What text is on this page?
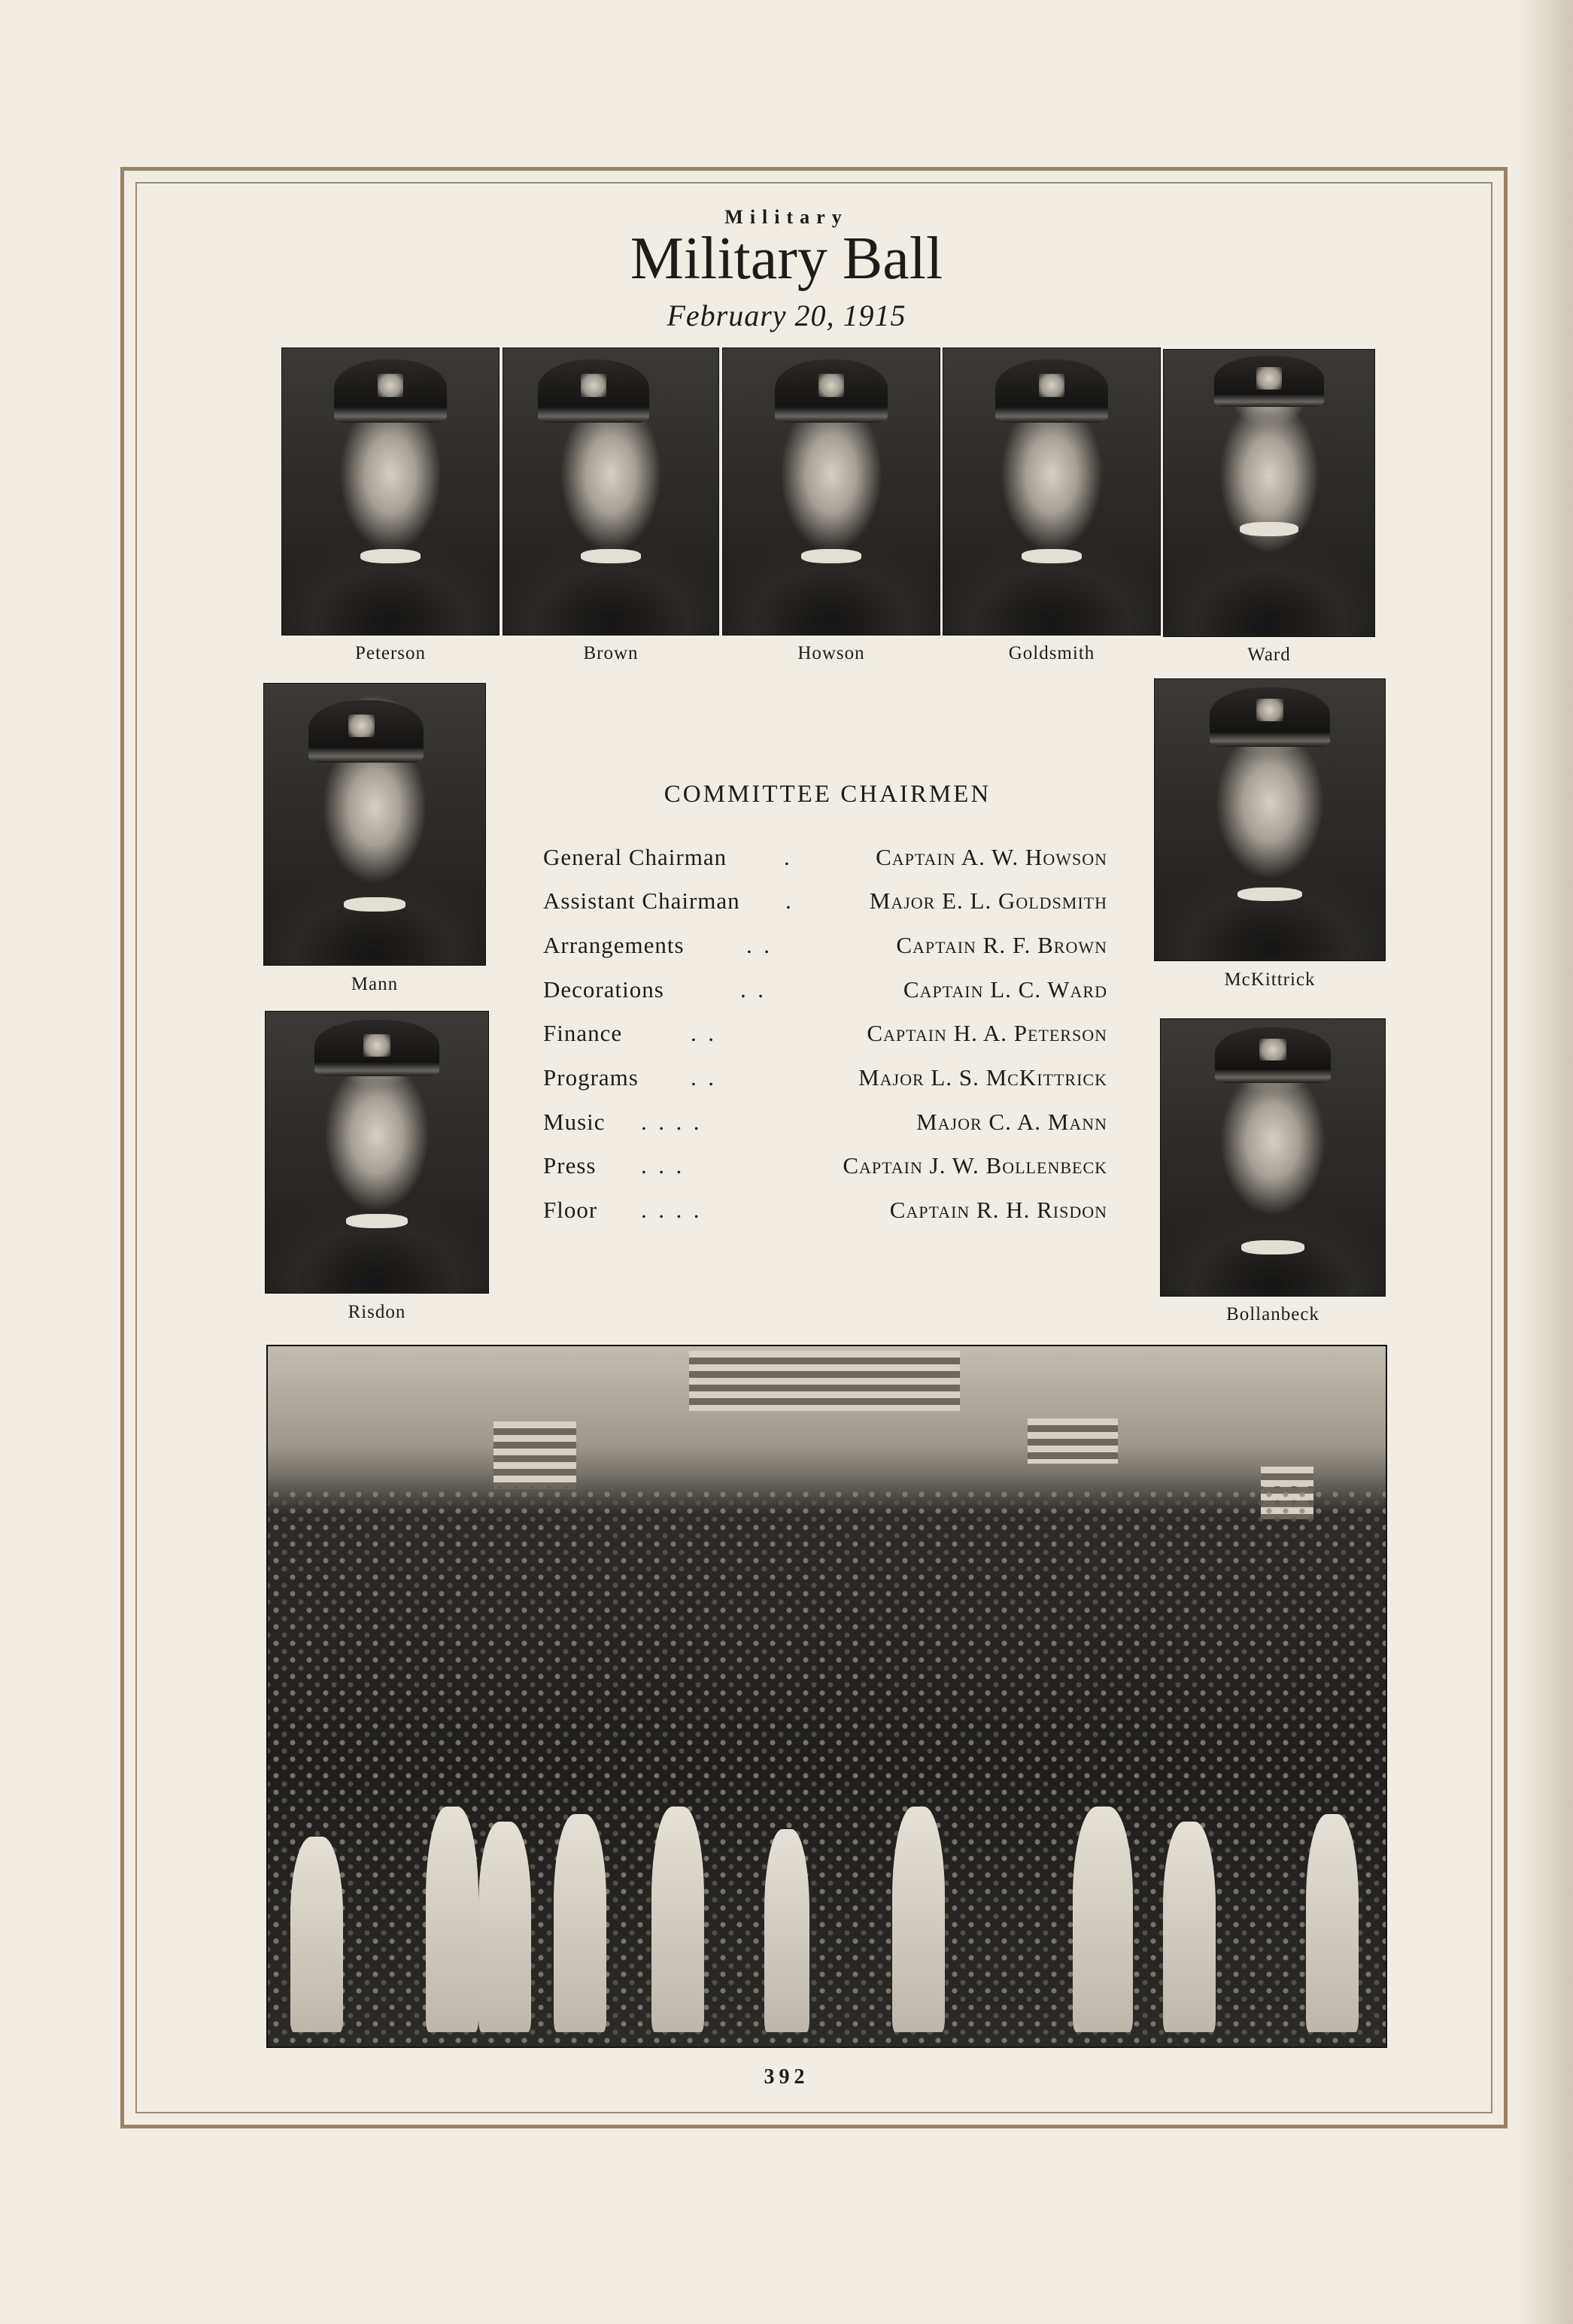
Military
Military Ball
February 20, 1915
Peterson	Brown	Howson	Goldsmith	Ward
Mann
Risdon
McKittrick
Bollanbeck
COMMITTEE CHAIRMEN
General Chairman .	Captain A. W. Howson
Assistant Chairman .	Major E. L. Goldsmith
Arrangements	.  .	Captain R. F. Brown
Decorations	.  .	Captain L. C. Ward
Finance	.  .	Captain H. A. Peterson
Programs .  .	Major L. S. McKittrick
Music .  .  .  .	Major C. A. Mann
Press .  .  .	Captain J. W. Bollenbeck
Floor .  .  .  .	Captain R. H. Risdon
392
